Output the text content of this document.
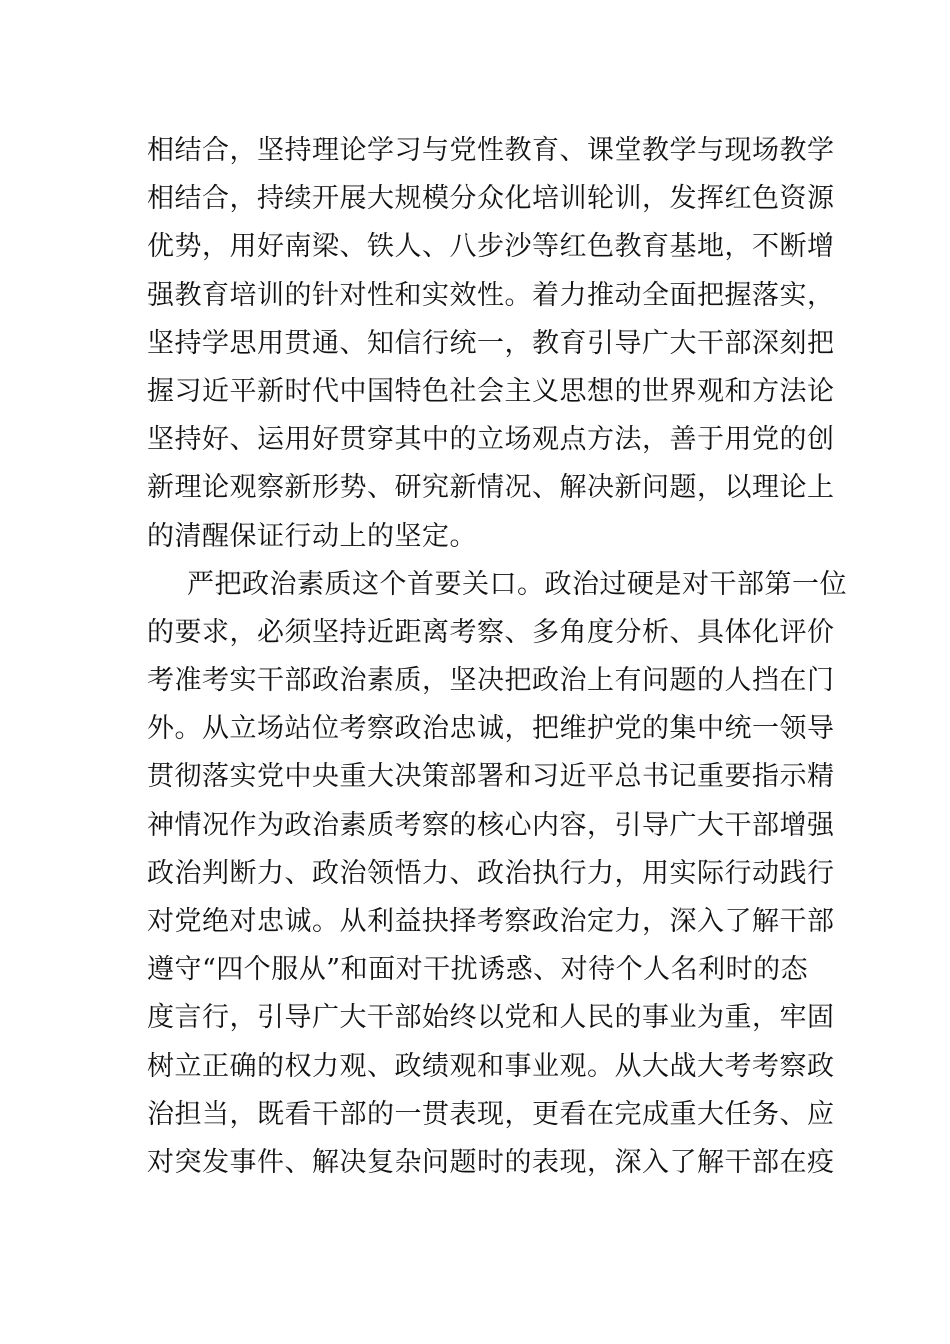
相结合，坚持理论学习与党性教育、课堂教学与现场教学
相结合，持续开展大规模分众化培训轮训，发挥红色资源
优势，用好南梁、铁人、八步沙等红色教育基地，不断增
强教育培训的针对性和实效性。着力推动全面把握落实，
坚持学思用贯通、知信行统一，教育引导广大干部深刻把
握习近平新时代中国特色社会主义思想的世界观和方法论
坚持好、运用好贯穿其中的立场观点方法，善于用党的创
新理论观察新形势、研究新情况、解决新问题，以理论上
的清醒保证行动上的坚定。
严把政治素质这个首要关口。政治过硬是对干部第一位
的要求，必须坚持近距离考察、多角度分析、具体化评价
考准考实干部政治素质，坚决把政治上有问题的人挡在门
外。从立场站位考察政治忠诚，把维护党的集中统一领导
贯彻落实党中央重大决策部署和习近平总书记重要指示精
神情况作为政治素质考察的核心内容，引导广大干部增强
政治判断力、政治领悟力、政治执行力，用实际行动践行
对党绝对忠诚。从利益抉择考察政治定力，深入了解干部
遵守“四个服从”和面对干扰诱惑、对待个人名利时的态
度言行，引导广大干部始终以党和人民的事业为重，牢固
树立正确的权力观、政绩观和事业观。从大战大考考察政
治担当，既看干部的一贯表现，更看在完成重大任务、应
对突发事件、解决复杂问题时的表现，深入了解干部在疫
